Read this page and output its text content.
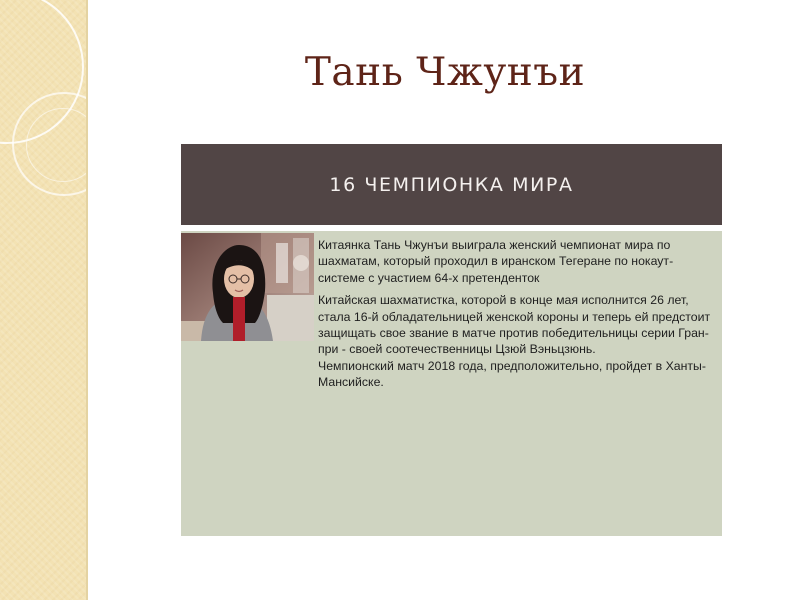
Тань Чжунъи
16 ЧЕМПИОНКА МИРА

Китаянка Тань Чжунъи выиграла женский чемпионат мира по шахматам, который проходил в иранском Тегеране по нокаут-системе с участием 64-х претенденток

Китайская шахматистка, которой в конце мая исполнится 26 лет, стала 16-й обладательницей женской короны и теперь ей предстоит защищать свое звание в матче против победительницы серии Гран-при - своей соотечественницы Цзюй Вэньцзюнь.

Чемпионский матч 2018 года, предположительно, пройдет в Ханты-Мансийске.
